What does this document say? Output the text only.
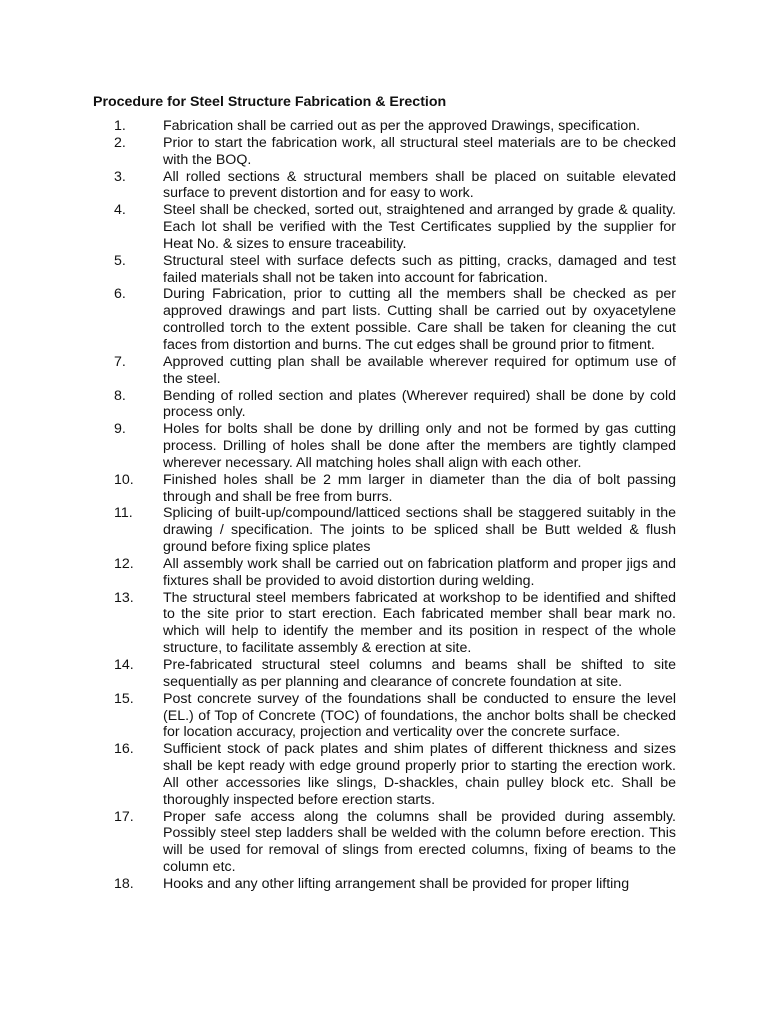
Procedure for Steel Structure Fabrication & Erection
1.	Fabrication shall be carried out as per the approved Drawings, specification.
2.	Prior to start the fabrication work, all structural steel materials are to be checked with the BOQ.
3.	All rolled sections & structural members shall be placed on suitable elevated surface to prevent distortion and for easy to work.
4.	Steel shall be checked, sorted out, straightened and arranged by grade & quality. Each lot shall be verified with the Test Certificates supplied by the supplier for Heat No. & sizes to ensure traceability.
5.	Structural steel with surface defects such as pitting, cracks, damaged and test failed materials shall not be taken into account for fabrication.
6.	During Fabrication, prior to cutting all the members shall be checked as per approved drawings and part lists. Cutting shall be carried out by oxyacetylene controlled torch to the extent possible. Care shall be taken for cleaning the cut faces from distortion and burns. The cut edges shall be ground prior to fitment.
7.	Approved cutting plan shall be available wherever required for optimum use of the steel.
8.	Bending of rolled section and plates (Wherever required) shall be done by cold process only.
9.	Holes for bolts shall be done by drilling only and not be formed by gas cutting process. Drilling of holes shall be done after the members are tightly clamped wherever necessary. All matching holes shall align with each other.
10. Finished holes shall be 2 mm larger in diameter than the dia of bolt passing through and shall be free from burrs.
11. Splicing of built-up/compound/latticed sections shall be staggered suitably in the drawing / specification. The joints to be spliced shall be Butt welded & flush ground before fixing splice plates
12. All assembly work shall be carried out on fabrication platform and proper jigs and fixtures shall be provided to avoid distortion during welding.
13. The structural steel members fabricated at workshop to be identified and shifted to the site prior to start erection. Each fabricated member shall bear mark no. which will help to identify the member and its position in respect of the whole structure, to facilitate assembly & erection at site.
14. Pre-fabricated structural steel columns and beams shall be shifted to site sequentially as per planning and clearance of concrete foundation at site.
15. Post concrete survey of the foundations shall be conducted to ensure the level (EL.) of Top of Concrete (TOC) of foundations, the anchor bolts shall be checked for location accuracy, projection and verticality over the concrete surface.
16. Sufficient stock of pack plates and shim plates of different thickness and sizes shall be kept ready with edge ground properly prior to starting the erection work. All other accessories like slings, D-shackles, chain pulley block etc. Shall be thoroughly inspected before erection starts.
17. Proper safe access along the columns shall be provided during assembly. Possibly steel step ladders shall be welded with the column before erection. This will be used for removal of slings from erected columns, fixing of beams to the column etc.
18. Hooks and any other lifting arrangement shall be provided for proper lifting
